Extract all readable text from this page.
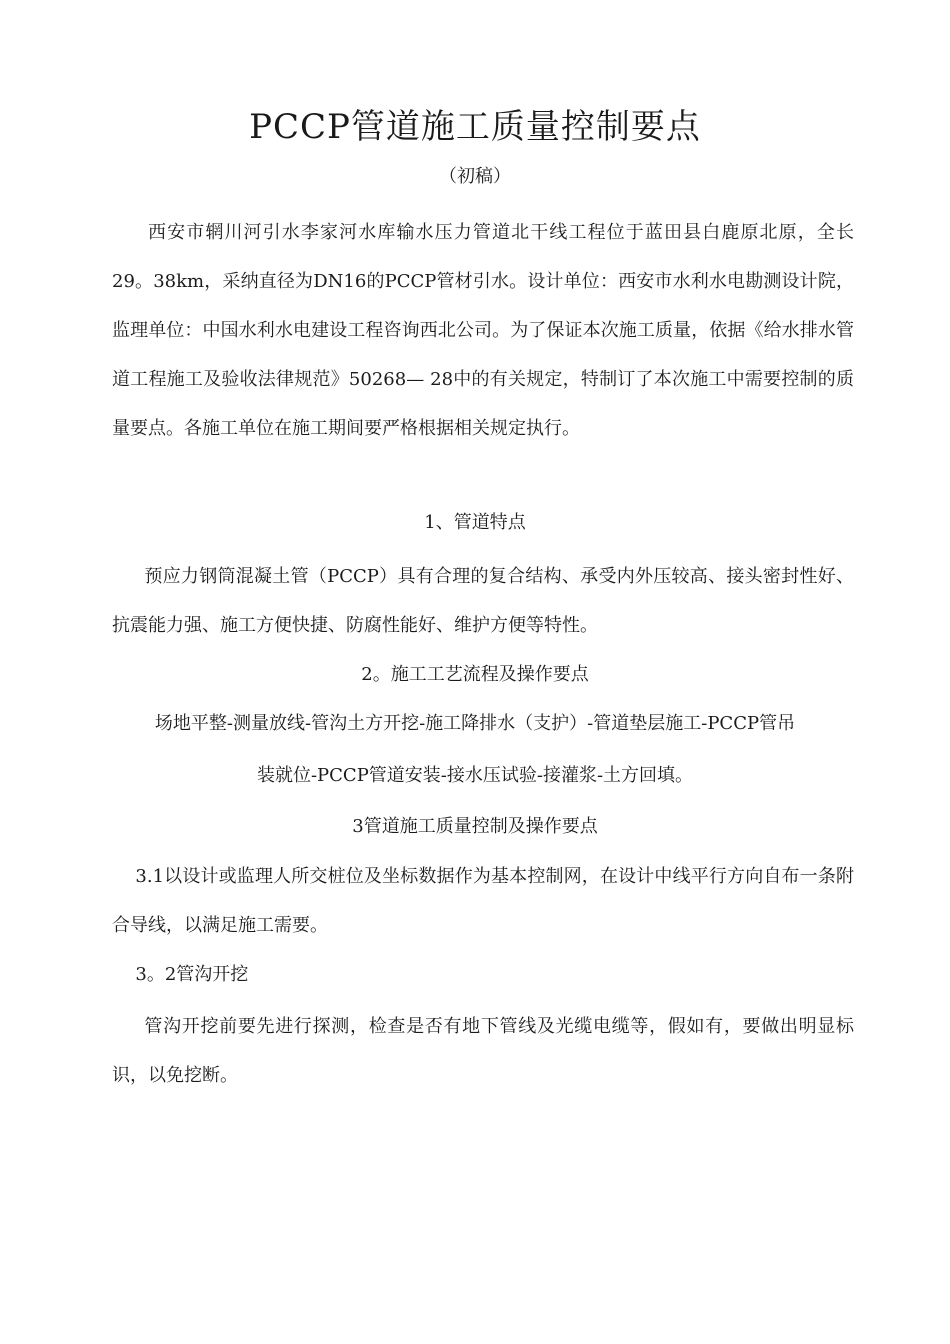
PCCP管道施工质量控制要点

（初稿）

西安市辋川河引水李家河水库输水压力管道北干线工程位于蓝田县白鹿原北原，全长29。38km，采纳直径为DN16的PCCP管材引水。设计单位：西安市水利水电勘测设计院，监理单位：中国水利水电建设工程咨询西北公司。为了保证本次施工质量，依据《给水排水管道工程施工及验收法律规范》50268— 28中的有关规定，特制订了本次施工中需要控制的质量要点。各施工单位在施工期间要严格根据相关规定执行。

1、管道特点

预应力钢筒混凝土管（PCCP）具有合理的复合结构、承受内外压较高、接头密封性好、抗震能力强、施工方便快捷、防腐性能好、维护方便等特性。

2。施工工艺流程及操作要点

场地平整-测量放线-管沟土方开挖-施工降排水（支护）-管道垫层施工-PCCP管吊

装就位-PCCP管道安装-接水压试验-接灌浆-土方回填。

3管道施工质量控制及操作要点

3.1以设计或监理人所交桩位及坐标数据作为基本控制网，在设计中线平行方向自布一条附合导线，以满足施工需要。

3。2管沟开挖

管沟开挖前要先进行探测，检查是否有地下管线及光缆电缆等，假如有，要做出明显标识，以免挖断。
